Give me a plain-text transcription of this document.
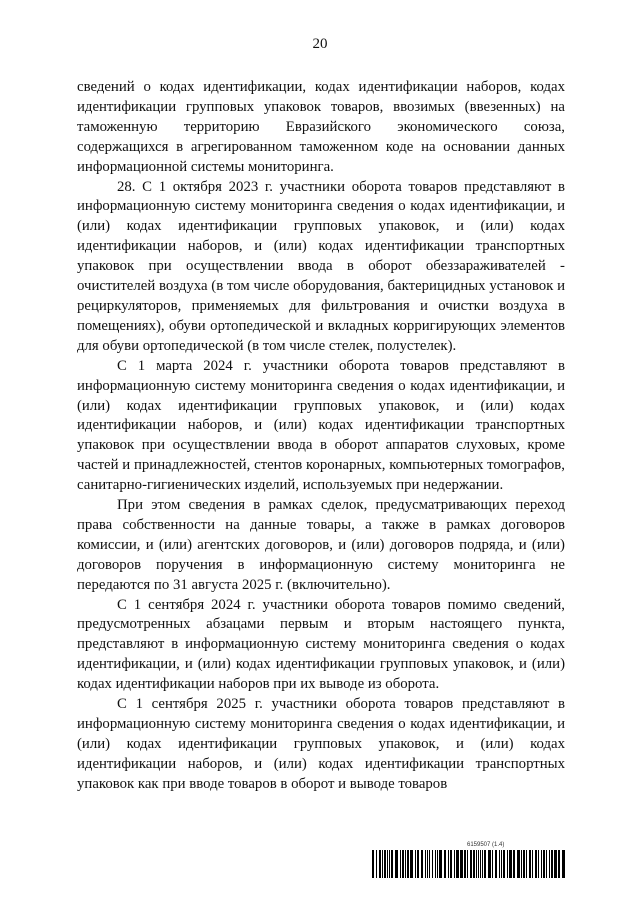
20

сведений о кодах идентификации, кодах идентификации наборов, кодах идентификации групповых упаковок товаров, ввозимых (ввезенных) на таможенную территорию Евразийского экономического союза, содержащихся в агрегированном таможенном коде на основании данных информационной системы мониторинга.

28. С 1 октября 2023 г. участники оборота товаров представляют в информационную систему мониторинга сведения о кодах идентификации, и (или) кодах идентификации групповых упаковок, и (или) кодах идентификации наборов, и (или) кодах идентификации транспортных упаковок при осуществлении ввода в оборот обеззараживателей - очистителей воздуха (в том числе оборудования, бактерицидных установок и рециркуляторов, применяемых для фильтрования и очистки воздуха в помещениях), обуви ортопедической и вкладных корригирующих элементов для обуви ортопедической (в том числе стелек, полустелек).

С 1 марта 2024 г. участники оборота товаров представляют в информационную систему мониторинга сведения о кодах идентификации, и (или) кодах идентификации групповых упаковок, и (или) кодах идентификации наборов, и (или) кодах идентификации транспортных упаковок при осуществлении ввода в оборот аппаратов слуховых, кроме частей и принадлежностей, стентов коронарных, компьютерных томографов, санитарно-гигиенических изделий, используемых при недержании.

При этом сведения в рамках сделок, предусматривающих переход права собственности на данные товары, а также в рамках договоров комиссии, и (или) агентских договоров, и (или) договоров подряда, и (или) договоров поручения в информационную систему мониторинга не передаются по 31 августа 2025 г. (включительно).

С 1 сентября 2024 г. участники оборота товаров помимо сведений, предусмотренных абзацами первым и вторым настоящего пункта, представляют в информационную систему мониторинга сведения о кодах идентификации, и (или) кодах идентификации групповых упаковок, и (или) кодах идентификации наборов при их выводе из оборота.

С 1 сентября 2025 г. участники оборота товаров представляют в информационную систему мониторинга сведения о кодах идентификации, и (или) кодах идентификации групповых упаковок, и (или) кодах идентификации наборов, и (или) кодах идентификации транспортных упаковок как при вводе товаров в оборот и выводе товаров

6159507 (1.4)
